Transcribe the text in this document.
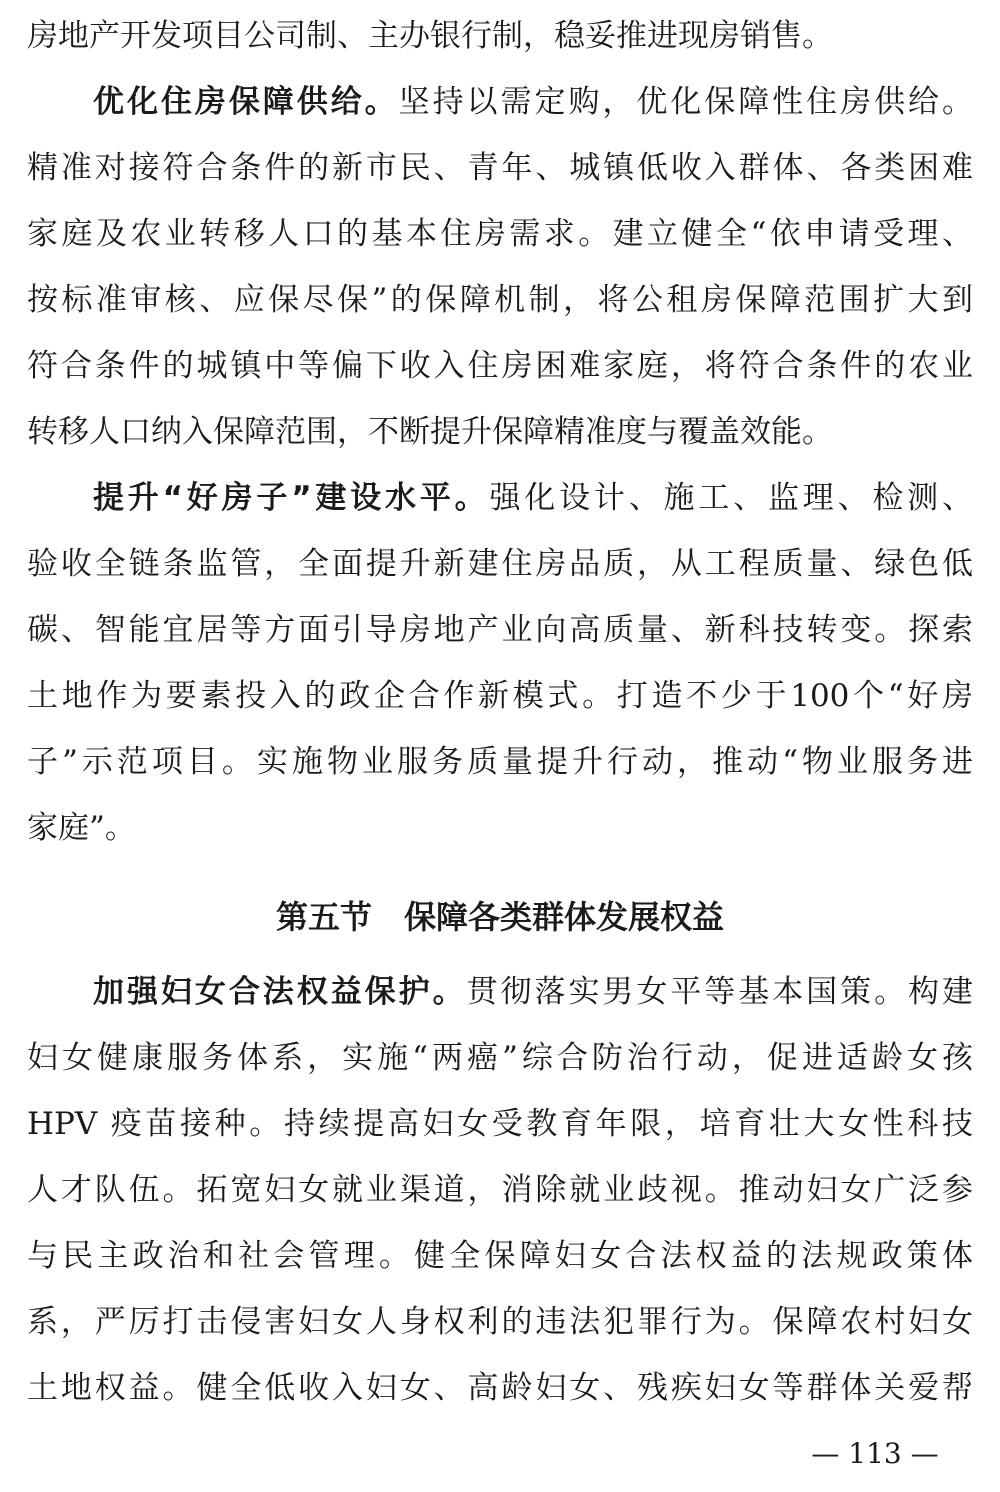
房地产开发项目公司制、主办银行制，稳妥推进现房销售。
优化住房保障供给。坚持以需定购，优化保障性住房供给。
精准对接符合条件的新市民、青年、城镇低收入群体、各类困难
家庭及农业转移人口的基本住房需求。建立健全“依申请受理、
按标准审核、应保尽保”的保障机制，将公租房保障范围扩大到
符合条件的城镇中等偏下收入住房困难家庭，将符合条件的农业
转移人口纳入保障范围，不断提升保障精准度与覆盖效能。
提升“好房子”建设水平。强化设计、施工、监理、检测、
验收全链条监管，全面提升新建住房品质，从工程质量、绿色低
碳、智能宜居等方面引导房地产业向高质量、新科技转变。探索
土地作为要素投入的政企合作新模式。打造不少于100个“好房
子”示范项目。实施物业服务质量提升行动，推动“物业服务进
家庭”。
加强妇女合法权益保护。贯彻落实男女平等基本国策。构建
妇女健康服务体系，实施“两癌”综合防治行动，促进适龄女孩
HPV 疫苗接种。持续提高妇女受教育年限，培育壮大女性科技
人才队伍。拓宽妇女就业渠道，消除就业歧视。推动妇女广泛参
与民主政治和社会管理。健全保障妇女合法权益的法规政策体
系，严厉打击侵害妇女人身权利的违法犯罪行为。保障农村妇女
土地权益。健全低收入妇女、高龄妇女、残疾妇女等群体关爱帮
第五节　保障各类群体发展权益
— 113 —
